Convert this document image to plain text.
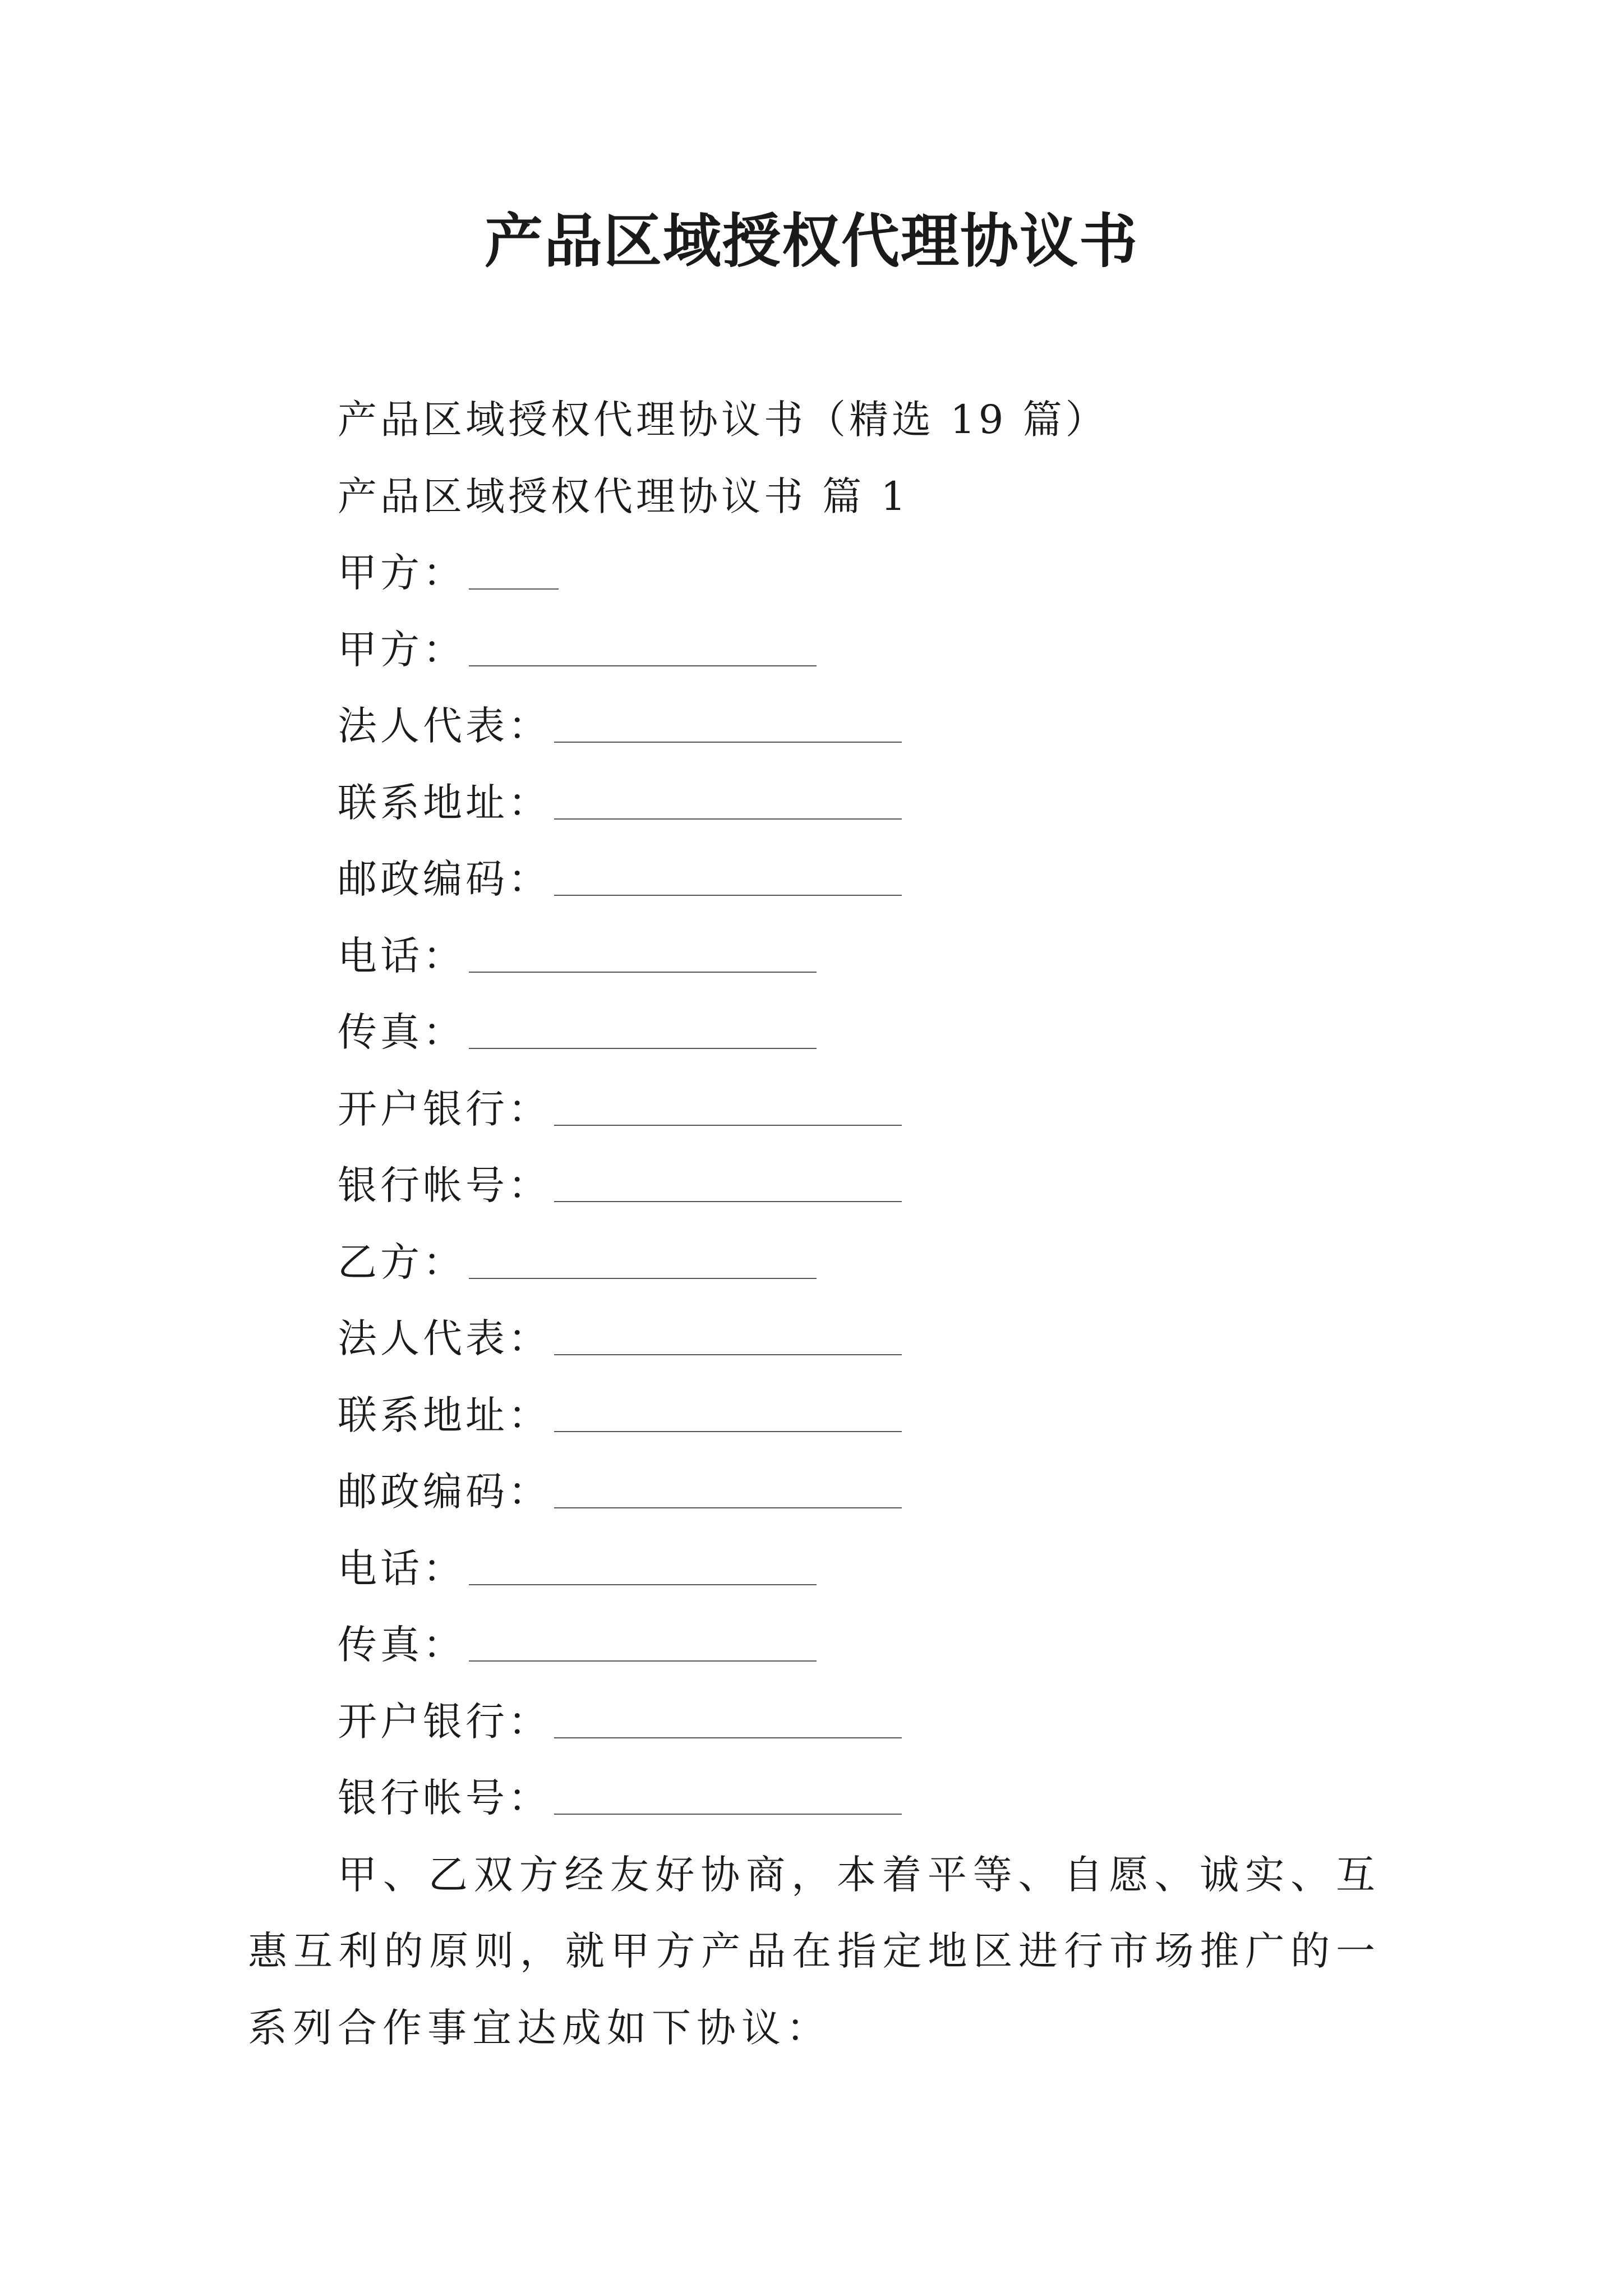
产品区域授权代理协议书
产品区域授权代理协议书（精选 19 篇）
产品区域授权代理协议书 篇 1
甲方：
甲方：
法人代表：
联系地址：
邮政编码：
电话：
传真：
开户银行：
银行帐号：
乙方：
法人代表：
联系地址：
邮政编码：
电话：
传真：
开户银行：
银行帐号：

甲、乙双方经友好协商，本着平等、自愿、诚实、互惠互利的原则，就甲方产品在指定地区进行市场推广的一系列合作事宜达成如下协议：
